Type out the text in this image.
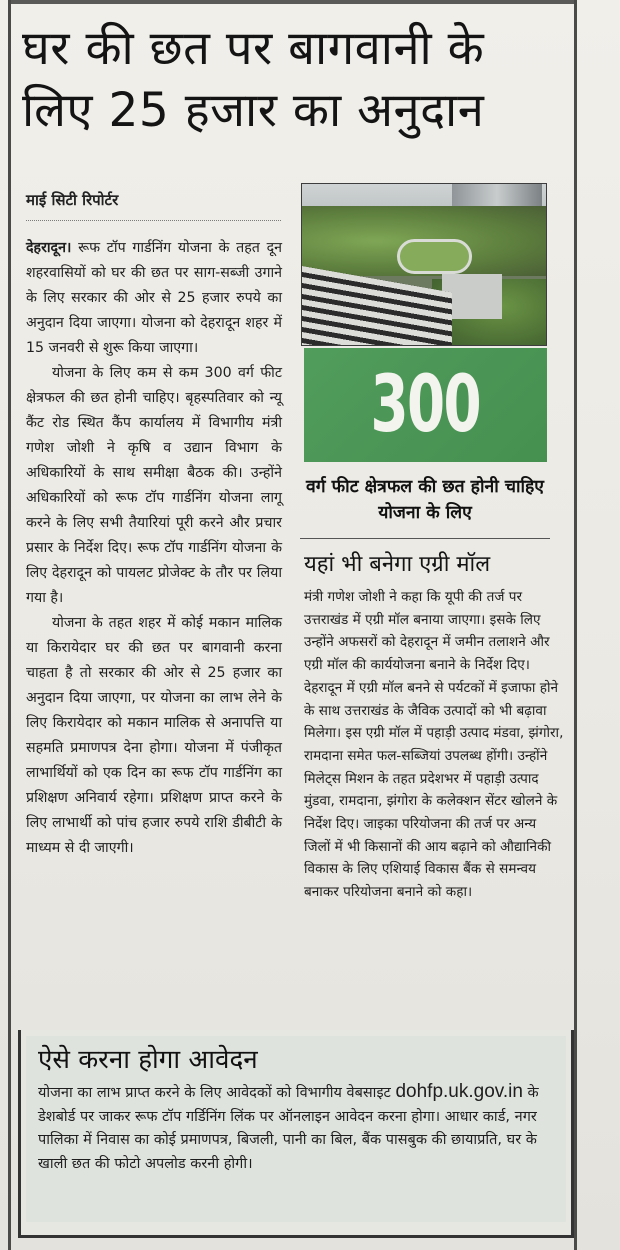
घर की छत पर बागवानी के
लिए 25 हजार का अनुदान
माई सिटी रिपोर्टर

देहरादून। रूफ टॉप गार्डनिंग योजना के तहत दून शहरवासियों को घर की छत पर साग-सब्जी उगाने के लिए सरकार की ओर से 25 हजार रुपये का अनुदान दिया जाएगा। योजना को देहरादून शहर में 15 जनवरी से शुरू किया जाएगा।

योजना के लिए कम से कम 300 वर्ग फीट क्षेत्रफल की छत होनी चाहिए। बृहस्पतिवार को न्यू कैंट रोड स्थित कैंप कार्यालय में विभागीय मंत्री गणेश जोशी ने कृषि व उद्यान विभाग के अधिकारियों के साथ समीक्षा बैठक की। उन्होंने अधिकारियों को रूफ टॉप गार्डनिंग योजना लागू करने के लिए सभी तैयारियां पूरी करने और प्रचार प्रसार के निर्देश दिए। रूफ टॉप गार्डनिंग योजना के लिए देहरादून को पायलट प्रोजेक्ट के तौर पर लिया गया है।

योजना के तहत शहर में कोई मकान मालिक या किरायेदार घर की छत पर बागवानी करना चाहता है तो सरकार की ओर से 25 हजार का अनुदान दिया जाएगा, पर योजना का लाभ लेने के लिए किरायेदार को मकान मालिक से अनापत्ति या सहमति प्रमाणपत्र देना होगा। योजना में पंजीकृत लाभार्थियों को एक दिन का रूफ टॉप गार्डनिंग का प्रशिक्षण अनिवार्य रहेगा। प्रशिक्षण प्राप्त करने के लिए लाभार्थी को पांच हजार रुपये राशि डीबीटी के माध्यम से दी जाएगी।

300
वर्ग फीट क्षेत्रफल की छत होनी चाहिए योजना के लिए
यहां भी बनेगा एग्री मॉल
मंत्री गणेश जोशी ने कहा कि यूपी की तर्ज पर उत्तराखंड में एग्री मॉल बनाया जाएगा। इसके लिए उन्होंने अफसरों को देहरादून में जमीन तलाशने और एग्री मॉल की कार्ययोजना बनाने के निर्देश दिए। देहरादून में एग्री मॉल बनने से पर्यटकों में इजाफा होने के साथ उत्तराखंड के जैविक उत्पादों को भी बढ़ावा मिलेगा। इस एग्री मॉल में पहाड़ी उत्पाद मंडवा, झंगोरा, रामदाना समेत फल-सब्जियां उपलब्ध होंगी। उन्होंने मिलेट्स मिशन के तहत प्रदेशभर में पहाड़ी उत्पाद मुंडवा, रामदाना, झंगोरा के कलेक्शन सेंटर खोलने के निर्देश दिए। जाइका परियोजना की तर्ज पर अन्य जिलों में भी किसानों की आय बढ़ाने को औद्यानिकी विकास के लिए एशियाई विकास बैंक से समन्वय बनाकर परियोजना बनाने को कहा।
ऐसे करना होगा आवेदन
योजना का लाभ प्राप्त करने के लिए आवेदकों को विभागीय वेबसाइट dohfp.uk.gov.in के डेशबोर्ड पर जाकर रूफ टॉप गर्डिनिंग लिंक पर ऑनलाइन आवेदन करना होगा। आधार कार्ड, नगर पालिका में निवास का कोई प्रमाणपत्र, बिजली, पानी का बिल, बैंक पासबुक की छायाप्रति, घर के खाली छत की फोटो अपलोड करनी होगी।
